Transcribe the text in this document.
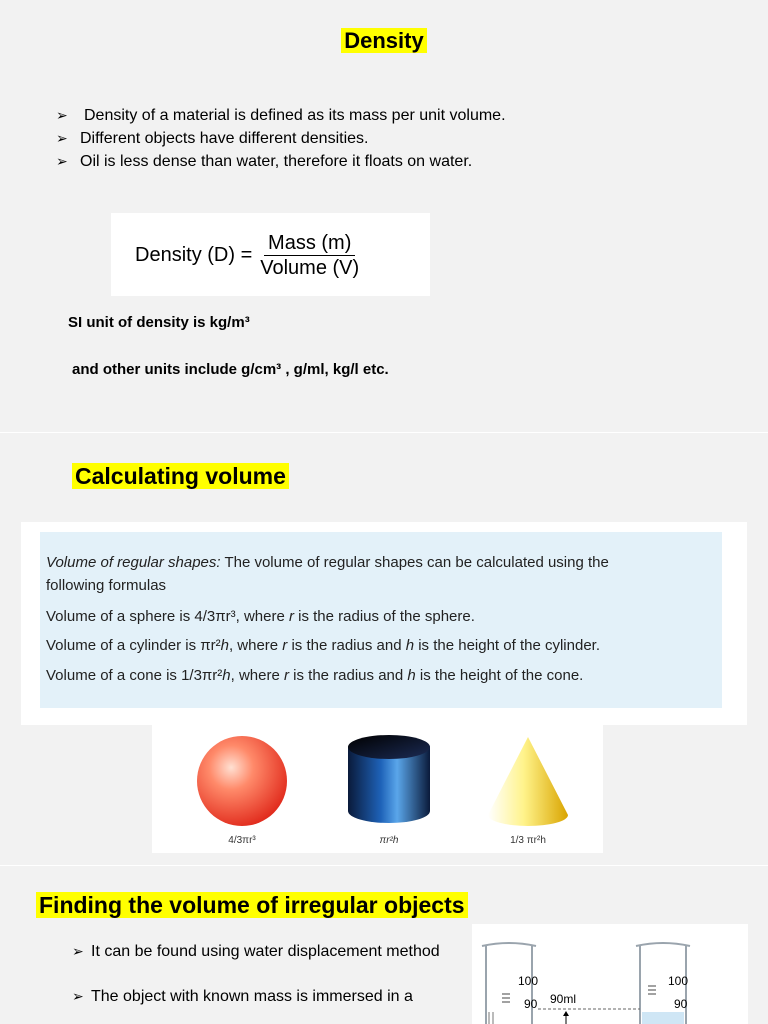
Density
➢ Density of a material is defined as its mass per unit volume.
➢ Different objects have different densities.
➢ Oil is less dense than water, therefore it floats on water.
Density $(D) = \frac{\text{Mass (m)}}{\text{Volume (V)}}$
SI unit of density is kg/m³
and other units include g/cm³ , g/ml, kg/l etc.
Calculating volume
Volume of regular shapes: The volume of regular shapes can be calculated using the
following formulas
Volume of a sphere is 4/3πr³, where r is the radius of the sphere.
Volume of a cylinder is πr²h, where r is the radius and h is the height of the cylinder.
Volume of a cone is 1/3πr²h, where r is the radius and h is the height of the cone.
4/3πr³	πr²h	1/3 πr²h
Finding the volume of irregular objects
➢ It can be found using water displacement method
➢ The object with known mass is immersed in a
100
90 90ml
100
90
